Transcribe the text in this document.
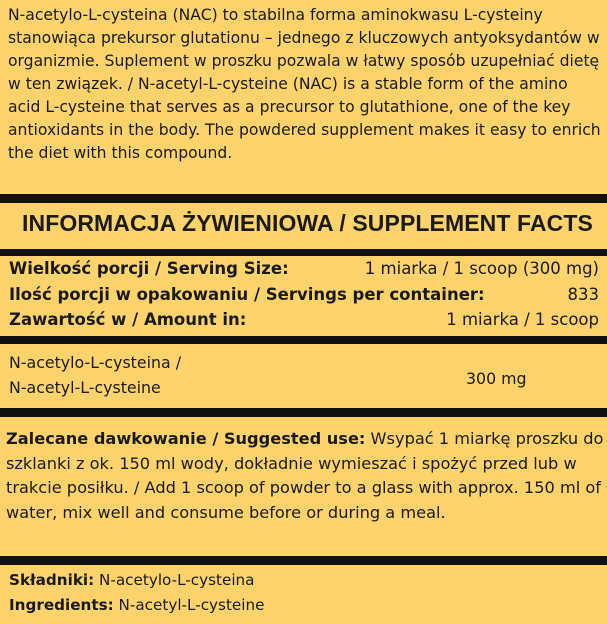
N-acetylo-L-cysteina (NAC) to stabilna forma aminokwasu L-cysteiny stanowiąca prekursor glutationu – jednego z kluczowych antyoksydantów w organizmie. Suplement w proszku pozwala w łatwy sposób uzupełniać dietę w ten związek. / N-acetyl-L-cysteine (NAC) is a stable form of the amino acid L-cysteine that serves as a precursor to glutathione, one of the key antioxidants in the body. The powdered supplement makes it easy to enrich the diet with this compound.

INFORMACJA ŻYWIENIOWA / SUPPLEMENT FACTS
Wielkość porcji / Serving Size:	1 miarka / 1 scoop (300 mg)
Ilość porcji w opakowaniu / Servings per container:	833
Zawartość w / Amount in:	1 miarka / 1 scoop
N-acetylo-L-cysteina /
N-acetyl-L-cysteine	300 mg

Zalecane dawkowanie / Suggested use: Wsypać 1 miarkę proszku do szklanki z ok. 150 ml wody, dokładnie wymieszać i spożyć przed lub w trakcie posiłku. / Add 1 scoop of powder to a glass with approx. 150 ml of water, mix well and consume before or during a meal.

Składniki: N-acetylo-L-cysteina
Ingredients: N-acetyl-L-cysteine
